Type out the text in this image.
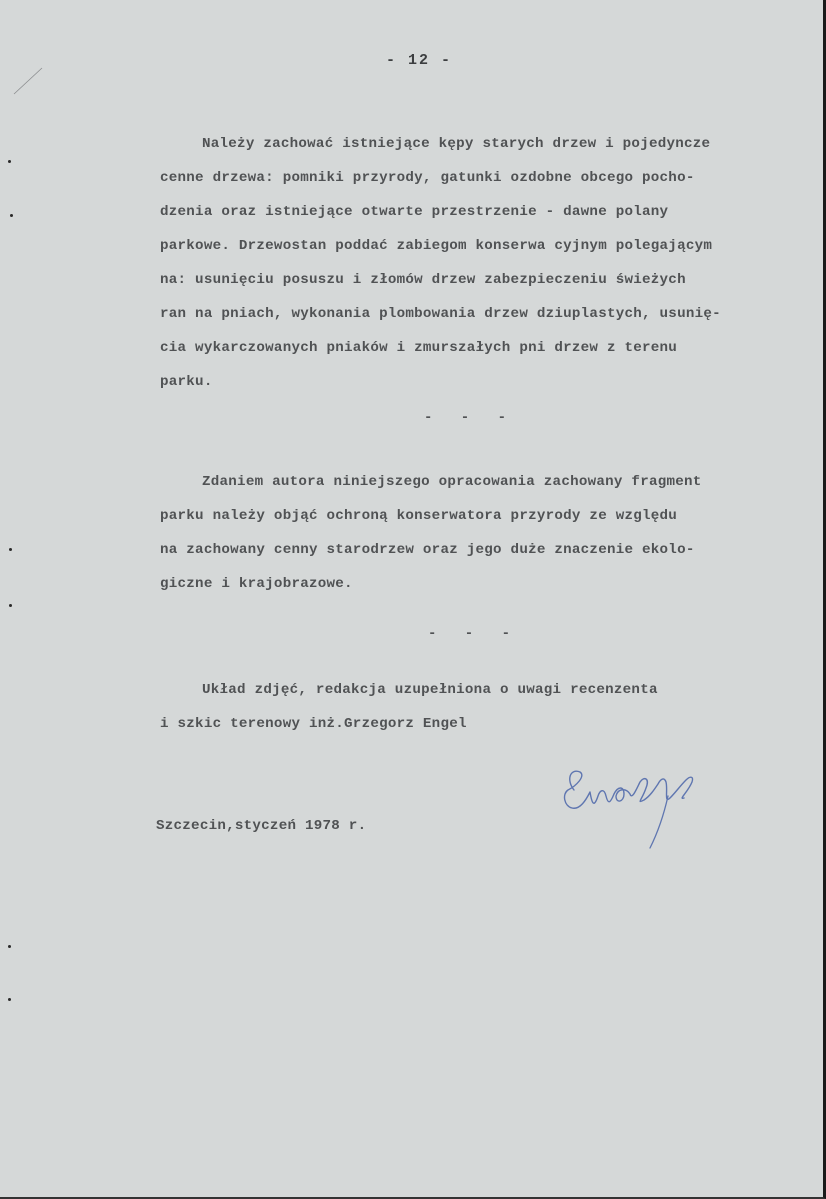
- 12 -
Należy zachować istniejące kępy starych drzew i pojedyncze
cenne drzewa: pomniki przyrody, gatunki ozdobne obcego pocho-
dzenia oraz istniejące otwarte przestrzenie - dawne polany
parkowe. Drzewostan poddać zabiegom konserwa cyjnym polegającym
na: usunięciu posuszu i złomów drzew zabezpieczeniu świeżych
ran na pniach, wykonania plombowania drzew dziuplastych, usunię-
cia wykarczowanych pniaków i zmurszałych pni drzew z terenu
parku.
- - -
Zdaniem autora niniejszego opracowania zachowany fragment
parku należy objąć ochroną konserwatora przyrody ze względu
na zachowany cenny starodrzew oraz jego duże znaczenie ekolo-
giczne i krajobrazowe.
- - -
Układ zdjęć, redakcja uzupełniona o uwagi recenzenta
i szkic terenowy inż.Grzegorz Engel
Szczecin,styczeń 1978 r.
